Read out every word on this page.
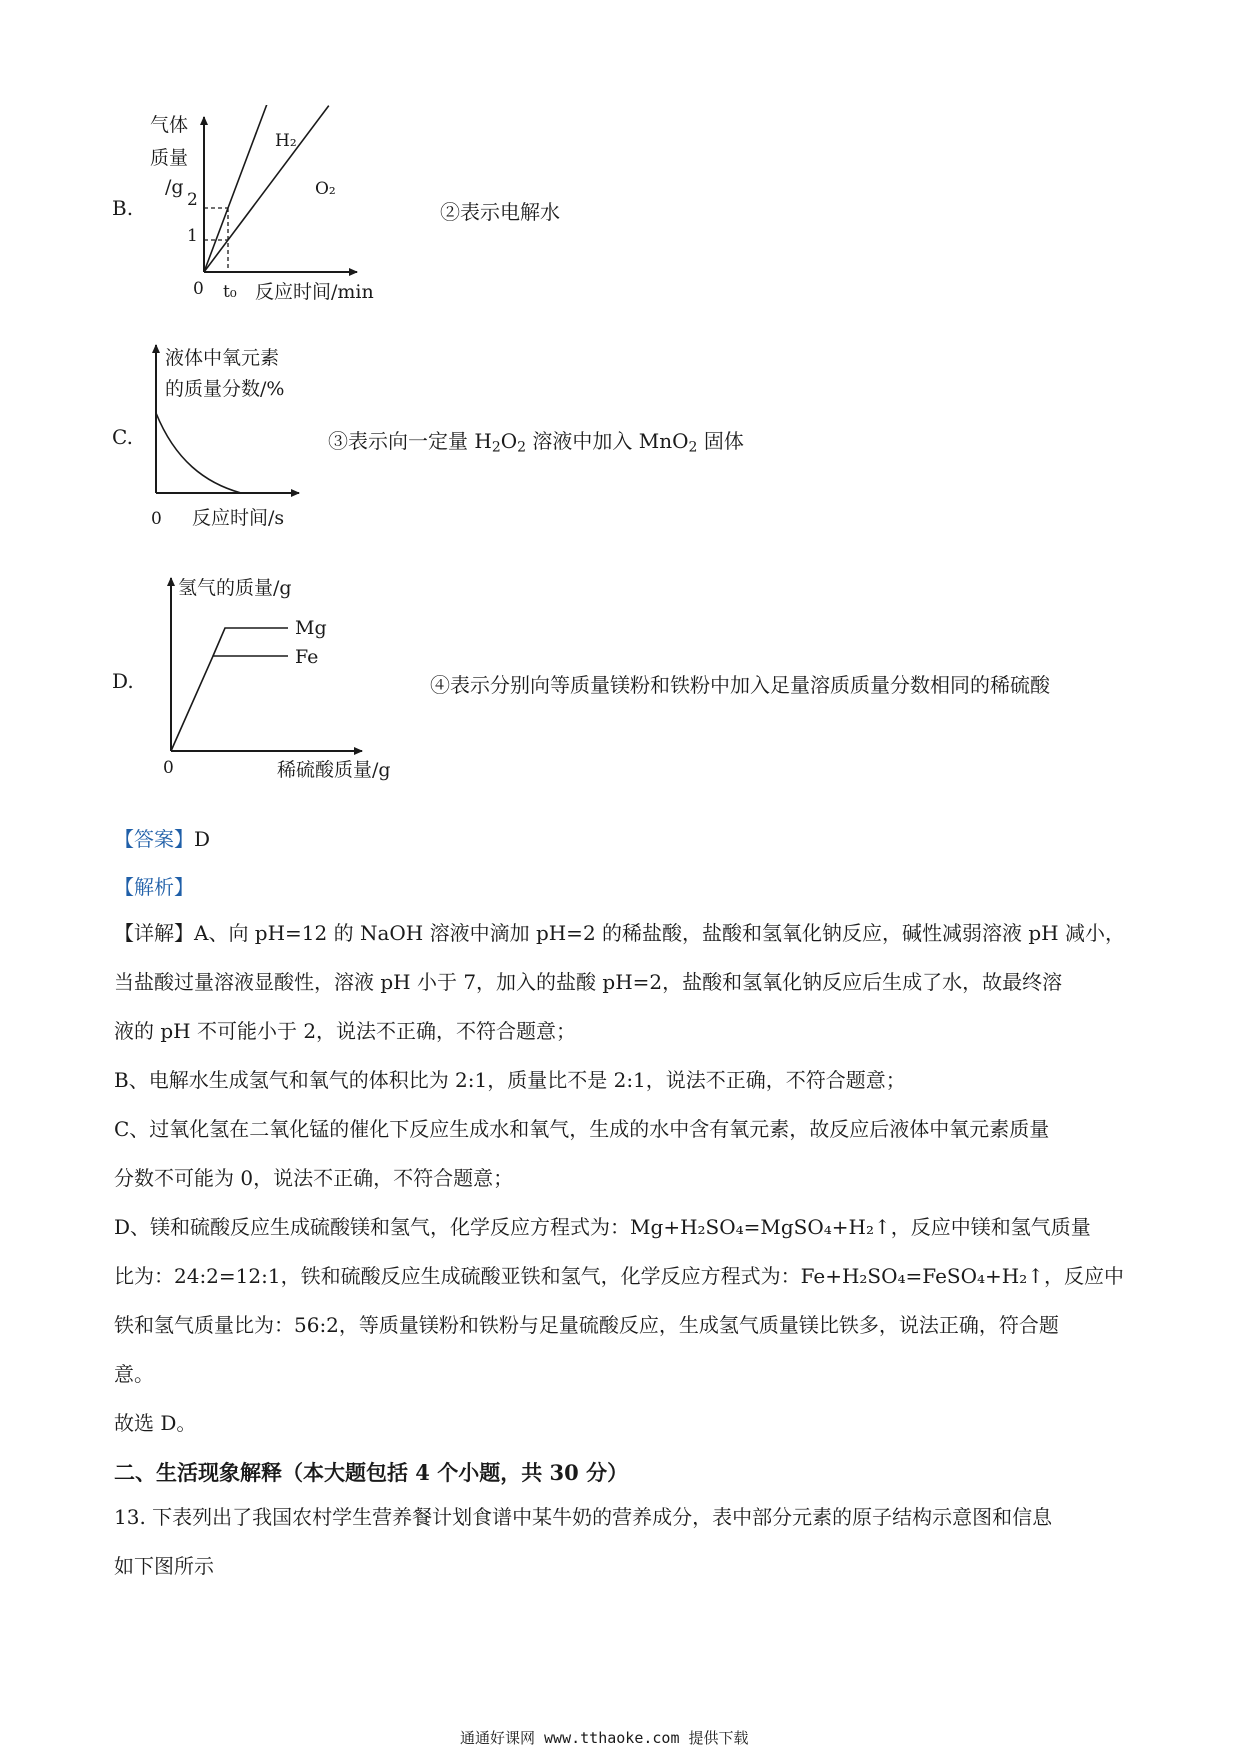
B.
气体
质量
/g
2
1
0 t₀ 反应时间/min
H₂
O₂
②表示电解水
C.
液体中氧元素
的质量分数/%
0 反应时间/s
③表示向一定量 $H_2O_2$ 溶液中加入 MnO$_2$ 固体
D.
氢气的质量/g
Mg
Fe
0	稀硫酸质量/g
④表示分别向等质量镁粉和铁粉中加入足量溶质质量分数相同的稀硫酸
【答案】D
【解析】
【详解】A、向 pH=12 的 NaOH 溶液中滴加 pH=2 的稀盐酸，盐酸和氢氧化钠反应，碱性减弱溶液 pH 减小，
当盐酸过量溶液显酸性，溶液 pH 小于 7，加入的盐酸 pH=2，盐酸和氢氧化钠反应后生成了水，故最终溶
液的 pH 不可能小于 2，说法不正确，不符合题意；
B、电解水生成氢气和氧气的体积比为 2:1，质量比不是 2:1，说法不正确，不符合题意；
C、过氧化氢在二氧化锰的催化下反应生成水和氧气，生成的水中含有氧元素，故反应后液体中氧元素质量
分数不可能为 0，说法不正确，不符合题意；
D、镁和硫酸反应生成硫酸镁和氢气，化学反应方程式为：Mg+H₂SO₄=MgSO₄+H₂↑，反应中镁和氢气质量
比为：24:2=12:1，铁和硫酸反应生成硫酸亚铁和氢气，化学反应方程式为：Fe+H₂SO₄=FeSO₄+H₂↑，反应中
铁和氢气质量比为：56:2，等质量镁粉和铁粉与足量硫酸反应，生成氢气质量镁比铁多，说法正确，符合题
意。
故选 D。
二、生活现象解释（本大题包括 4 个小题，共 30 分）
13. 下表列出了我国农村学生营养餐计划食谱中某牛奶的营养成分，表中部分元素的原子结构示意图和信息
如下图所示
通通好课网 www.tthaoke.com 提供下载
